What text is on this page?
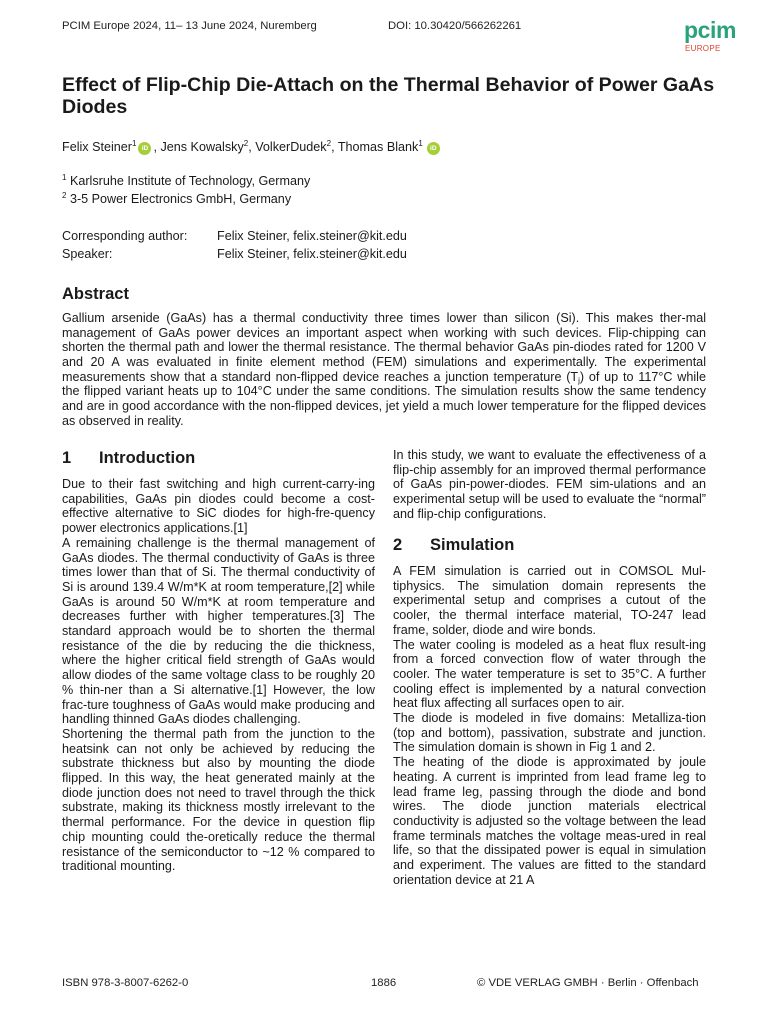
PCIM Europe 2024, 11– 13 June 2024, Nuremberg	DOI: 10.30420/566262261	pcim
EUROPE
Effect of Flip-Chip Die-Attach on the Thermal Behavior of Power GaAs Diodes
Felix Steiner$^1$iD , Jens Kowalsky$^2$, VolkerDudek$^2$, Thomas Blank$^1$iD
$^1$ Karlsruhe Institute of Technology, Germany
$^2$ 3-5 Power Electronics GmbH, Germany
Corresponding author: Felix Steiner, felix.steiner@kit.edu
Speaker:	Felix Steiner, felix.steiner@kit.edu
Abstract

Gallium arsenide (GaAs) has a thermal conductivity three times lower than silicon (Si). This makes ther-mal management of GaAs power devices an important aspect when working with such devices. Flip-chipping can shorten the thermal path and lower the thermal resistance. The thermal behavior GaAs pin-diodes rated for 1200 V and 20 A was evaluated in finite element method (FEM) simulations and experimentally. The experimental measurements show that a standard non-flipped device reaches a junction temperature $(T_j)$ of up to 117°C while the flipped variant heats up to 104°C under the same conditions. The simulation results show the same tendency and are in good accordance with the non-flipped devices, jet yield a much lower temperature for the flipped devices as observed in reality.

1 Introduction

Due to their fast switching and high current-carry-ing capabilities, GaAs pin diodes could become a cost-effective alternative to SiC diodes for high-fre-quency power electronics applications.[1]

A remaining challenge is the thermal management of GaAs diodes. The thermal conductivity of GaAs is three times lower than that of Si. The thermal conductivity of Si is around 139.4 W/m*K at room temperature,[2] while GaAs is around 50 W/m*K at room temperature and decreases further with higher temperatures.[3] The standard approach would be to shorten the thermal resistance of the die by reducing the die thickness, where the higher critical field strength of GaAs would allow diodes of the same voltage class to be roughly 20 % thin-ner than a Si alternative.[1] However, the low frac-ture toughness of GaAs would make producing and handling thinned GaAs diodes challenging.

Shortening the thermal path from the junction to the heatsink can not only be achieved by reducing the substrate thickness but also by mounting the diode flipped. In this way, the heat generated mainly at the diode junction does not need to travel through the thick substrate, making its thickness mostly irrelevant to the thermal performance. For the device in question flip chip mounting could the-oretically reduce the thermal resistance of the semiconductor to ~12 % compared to traditional mounting.

In this study, we want to evaluate the effectiveness of a flip-chip assembly for an improved thermal performance of GaAs pin-power-diodes. FEM sim-ulations and an experimental setup will be used to evaluate the “normal” and flip-chip configurations.

2 Simulation

A FEM simulation is carried out in COMSOL Mul-tiphysics. The simulation domain represents the experimental setup and comprises a cutout of the cooler, the thermal interface material, TO-247 lead frame, solder, diode and wire bonds.

The water cooling is modeled as a heat flux result-ing from a forced convection flow of water through the cooler. The water temperature is set to 35°C. A further cooling effect is implemented by a natural convection heat flux affecting all surfaces open to air.

The diode is modeled in five domains: Metalliza-tion (top and bottom), passivation, substrate and junction. The simulation domain is shown in Fig 1 and 2.

The heating of the diode is approximated by joule heating. A current is imprinted from lead frame leg to lead frame leg, passing through the diode and bond wires. The diode junction materials electrical conductivity is adjusted so the voltage between the lead frame terminals matches the voltage meas-ured in real life, so that the dissipated power is equal in simulation and experiment. The values are fitted to the standard orientation device at 21 A

ISBN 978-3-8007-6262-0	1886	© VDE VERLAG GMBH · Berlin · Offenbach
